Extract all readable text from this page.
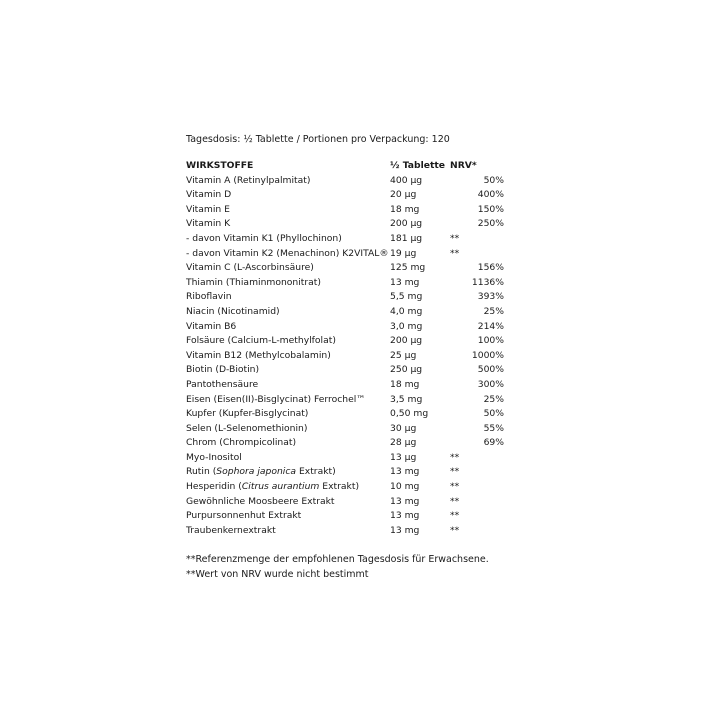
Tagesdosis: ½ Tablette / Portionen pro Verpackung: 120
WIRKSTOFFE	½ Tablette	NRV*
Vitamin A (Retinylpalmitat)	400 µg	50%
Vitamin D	20 µg	400%
Vitamin E	18 mg	150%
Vitamin K	200 µg	250%
- davon Vitamin K1 (Phyllochinon)	181 µg	**
- davon Vitamin K2 (Menachinon) K2VITAL®	19 µg	**
Vitamin C (L-Ascorbinsäure)	125 mg	156%
Thiamin (Thiaminmononitrat)	13 mg	1136%
Riboflavin	5,5 mg	393%
Niacin (Nicotinamid)	4,0 mg	25%
Vitamin B6	3,0 mg	214%
Folsäure (Calcium-L-methylfolat)	200 µg	100%
Vitamin B12 (Methylcobalamin)	25 µg	1000%
Biotin (D-Biotin)	250 µg	500%
Pantothensäure	18 mg	300%
Eisen (Eisen(II)-Bisglycinat) Ferrochel™	3,5 mg	25%
Kupfer (Kupfer-Bisglycinat)	0,50 mg	50%
Selen (L-Selenomethionin)	30 µg	55%
Chrom (Chrompicolinat)	28 µg	69%
Myo-Inositol	13 µg	**
Rutin (Sophora japonica Extrakt)	13 mg	**
Hesperidin (Citrus aurantium Extrakt)	10 mg	**
Gewöhnliche Moosbeere Extrakt	13 mg	**
Purpursonnenhut Extrakt	13 mg	**
Traubenkernextrakt	13 mg	**
**Referenzmenge der empfohlenen Tagesdosis für Erwachsene.
**Wert von NRV wurde nicht bestimmt
